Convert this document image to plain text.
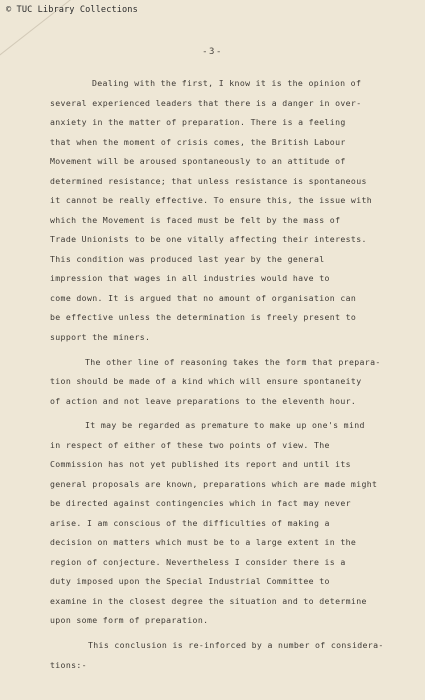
© TUC Library Collections
-3-
Dealing with the first, I know it is the opinion of
several experienced leaders that there is a danger in over-
anxiety in the matter of preparation. There is a feeling
that when the moment of crisis comes, the British Labour
Movement will be aroused spontaneously to an attitude of
determined resistance; that unless resistance is spontaneous
it cannot be really effective. To ensure this, the issue with
which the Movement is faced must be felt by the mass of
Trade Unionists to be one vitally affecting their interests.
This condition was produced last year by the general
impression that wages in all industries would have to
come down. It is argued that no amount of organisation can
be effective unless the determination is freely present to
support the miners.
The other line of reasoning takes the form that prepara-
tion should be made of a kind which will ensure spontaneity
of action and not leave preparations to the eleventh hour.
It may be regarded as premature to make up one's mind
in respect of either of these two points of view. The
Commission has not yet published its report and until its
general proposals are known, preparations which are made might
be directed against contingencies which in fact may never
arise. I am conscious of the difficulties of making a
decision on matters which must be to a large extent in the
region of conjecture. Nevertheless I consider there is a
duty imposed upon the Special Industrial Committee to
examine in the closest degree the situation and to determine
upon some form of preparation.
This conclusion is re-inforced by a number of considera-
tions:-
